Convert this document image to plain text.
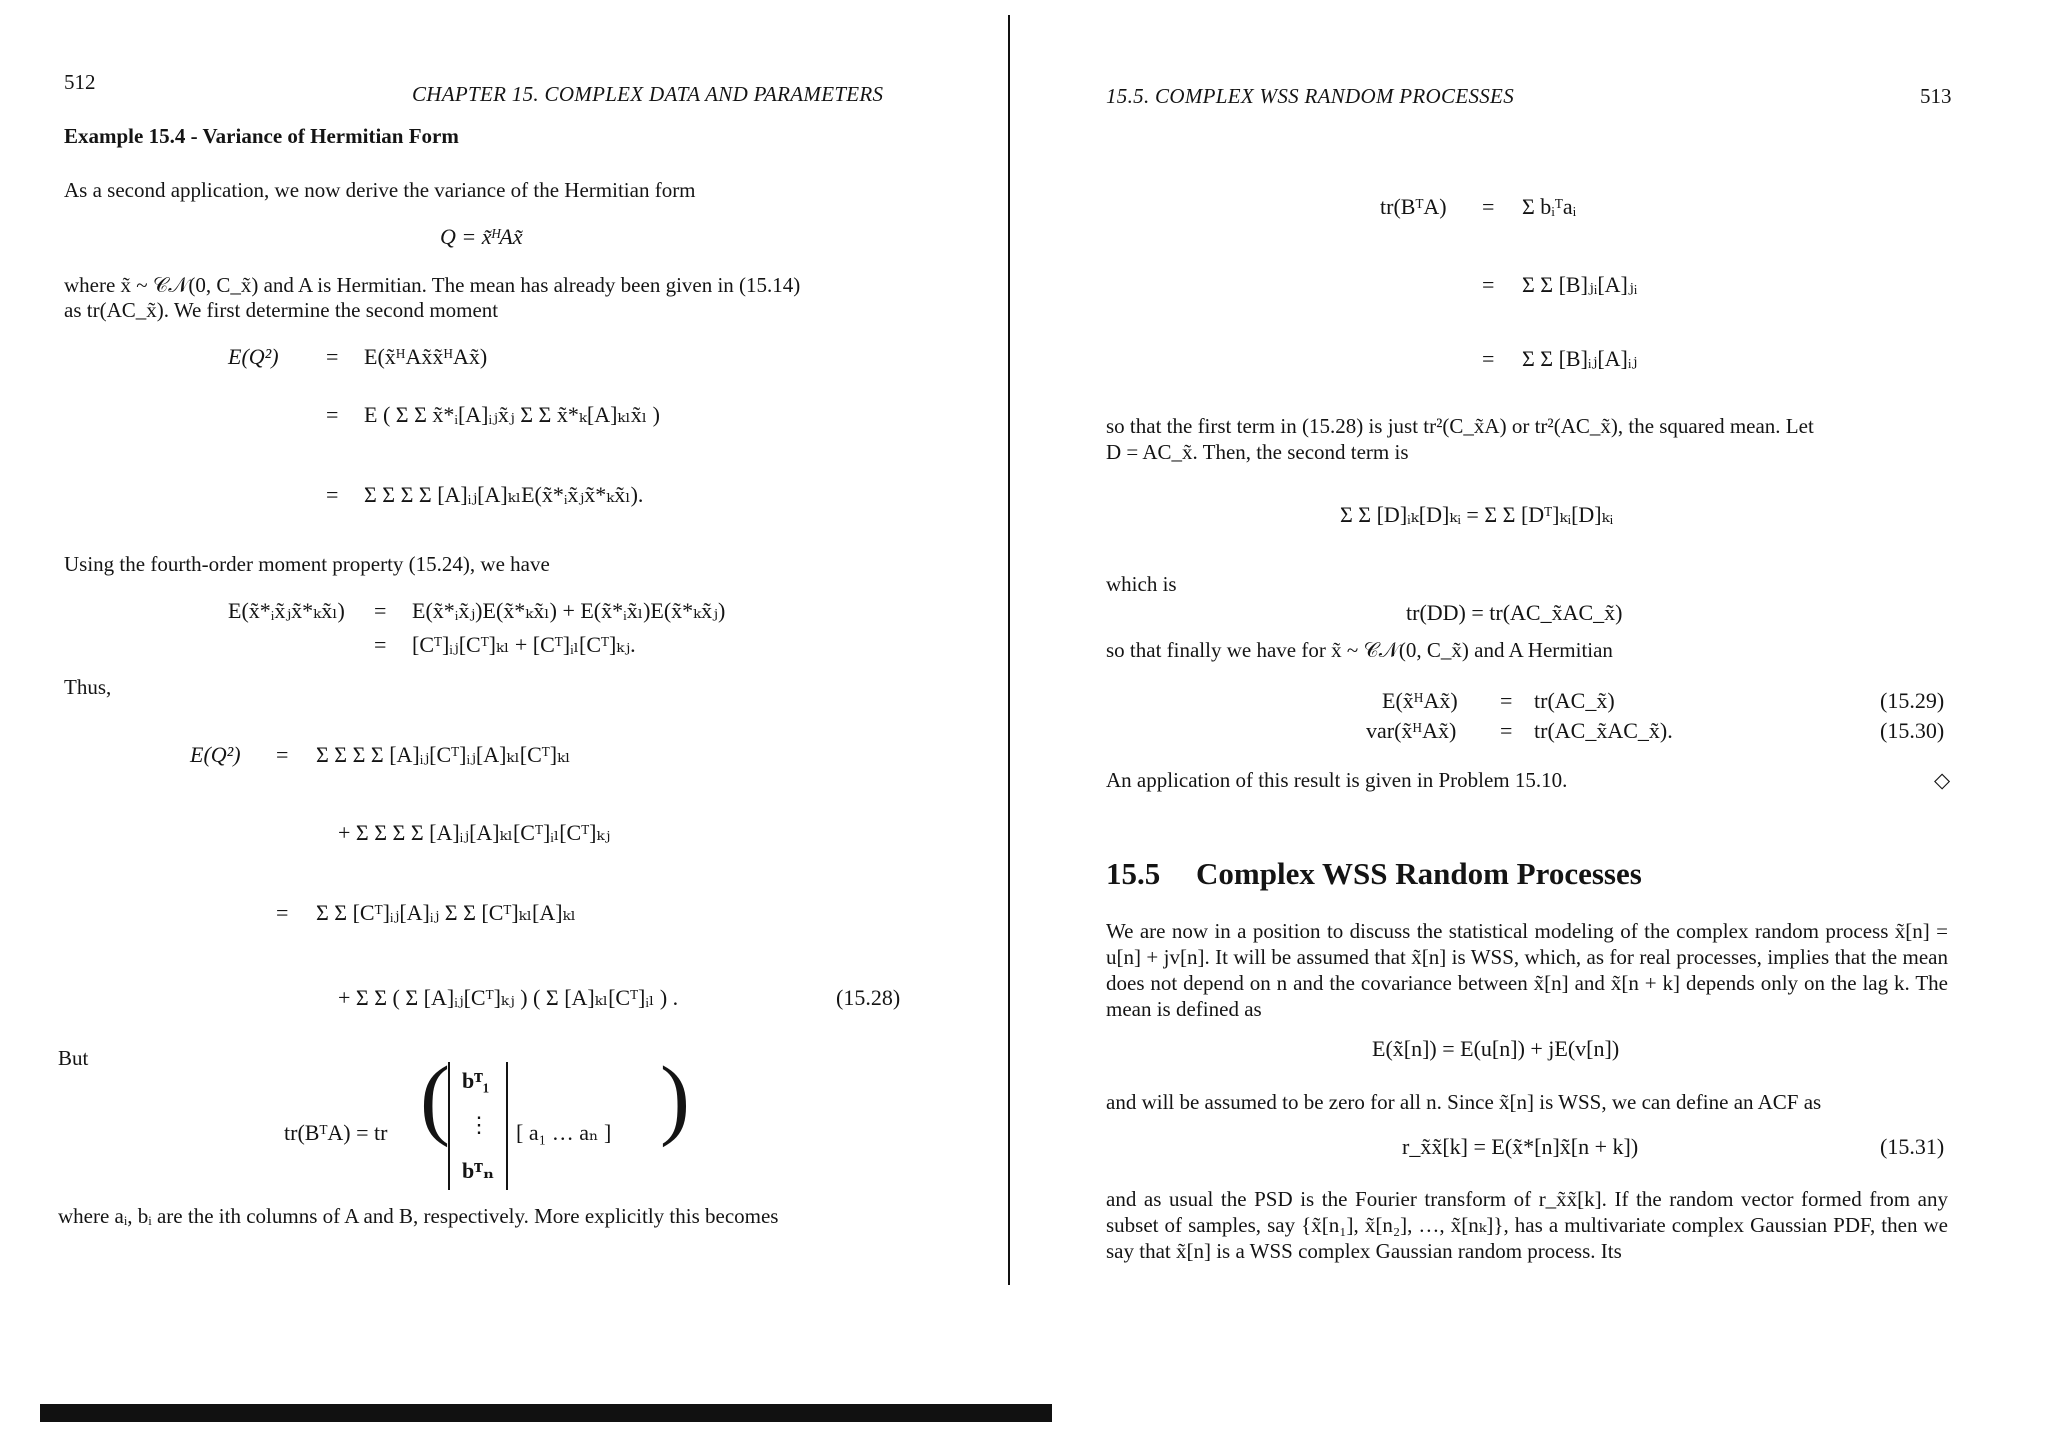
512	CHAPTER 15. COMPLEX DATA AND PARAMETERS
Example 15.4 - Variance of Hermitian Form
As a second application, we now derive the variance of the Hermitian form
Q = x̃ᴴAx̃
where x̃ ~ 𝒞𝒩(0, C_x̃) and A is Hermitian. The mean has already been given in (15.14)
as tr(AC_x̃). We first determine the second moment
E(Q²) = E(x̃ᴴAx̃x̃ᴴAx̃)
= E ( Σ Σ x̃*ᵢ[A]ᵢⱼx̃ⱼ Σ Σ x̃*ₖ[A]ₖₗx̃ₗ )
= Σ Σ Σ Σ [A]ᵢⱼ[A]ₖₗE(x̃*ᵢx̃ⱼx̃*ₖx̃ₗ).
Using the fourth-order moment property (15.24), we have
E(x̃*ᵢx̃ⱼx̃*ₖx̃ₗ) = E(x̃*ᵢx̃ⱼ)E(x̃*ₖx̃ₗ) + E(x̃*ᵢx̃ₗ)E(x̃*ₖx̃ⱼ)
= [Cᵀ]ᵢⱼ[Cᵀ]ₖₗ + [Cᵀ]ᵢₗ[Cᵀ]ₖⱼ.
Thus,
E(Q²) = Σ Σ Σ Σ [A]ᵢⱼ[Cᵀ]ᵢⱼ[A]ₖₗ[Cᵀ]ₖₗ
+ Σ Σ Σ Σ [A]ᵢⱼ[A]ₖₗ[Cᵀ]ᵢₗ[Cᵀ]ₖⱼ
= Σ Σ [Cᵀ]ᵢⱼ[A]ᵢⱼ Σ Σ [Cᵀ]ₖₗ[A]ₖₗ
+ Σ Σ ( Σ [A]ᵢⱼ[Cᵀ]ₖⱼ ) ( Σ [A]ₖₗ[Cᵀ]ᵢₗ ) .	(15.28)
But
tr(BᵀA) = tr ( bᵀ₁
⋮
bᵀₙ
[ a₁ … aₙ ] )
where aᵢ, bᵢ are the ith columns of A and B, respectively. More explicitly this becomes
15.5. COMPLEX WSS RANDOM PROCESSES	513
tr(BᵀA) = Σ bᵢᵀaᵢ
= Σ Σ [B]ⱼᵢ[A]ⱼᵢ
= Σ Σ [B]ᵢⱼ[A]ᵢⱼ
so that the first term in (15.28) is just tr²(C_x̃A) or tr²(AC_x̃), the squared mean. Let
D = AC_x̃. Then, the second term is
Σ Σ [D]ᵢₖ[D]ₖᵢ = Σ Σ [Dᵀ]ₖᵢ[D]ₖᵢ
which is
tr(DD) = tr(AC_x̃AC_x̃)
so that finally we have for x̃ ~ 𝒞𝒩(0, C_x̃) and A Hermitian
E(x̃ᴴAx̃) = tr(AC_x̃)	(15.29)
var(x̃ᴴAx̃) = tr(AC_x̃AC_x̃).	(15.30)
An application of this result is given in Problem 15.10.	◇
15.5 Complex WSS Random Processes
We are now in a position to discuss the statistical modeling of the complex random process x̃[n] = u[n] + jv[n]. It will be assumed that x̃[n] is WSS, which, as for real processes, implies that the mean does not depend on n and the covariance between x̃[n] and x̃[n + k] depends only on the lag k. The mean is defined as
E(x̃[n]) = E(u[n]) + jE(v[n])
and will be assumed to be zero for all n. Since x̃[n] is WSS, we can define an ACF as
r_x̃x̃[k] = E(x̃*[n]x̃[n + k])	(15.31)
and as usual the PSD is the Fourier transform of r_x̃x̃[k]. If the random vector formed from any subset of samples, say {x̃[n₁], x̃[n₂], …, x̃[nₖ]}, has a multivariate complex Gaussian PDF, then we say that x̃[n] is a WSS complex Gaussian random process. Its
